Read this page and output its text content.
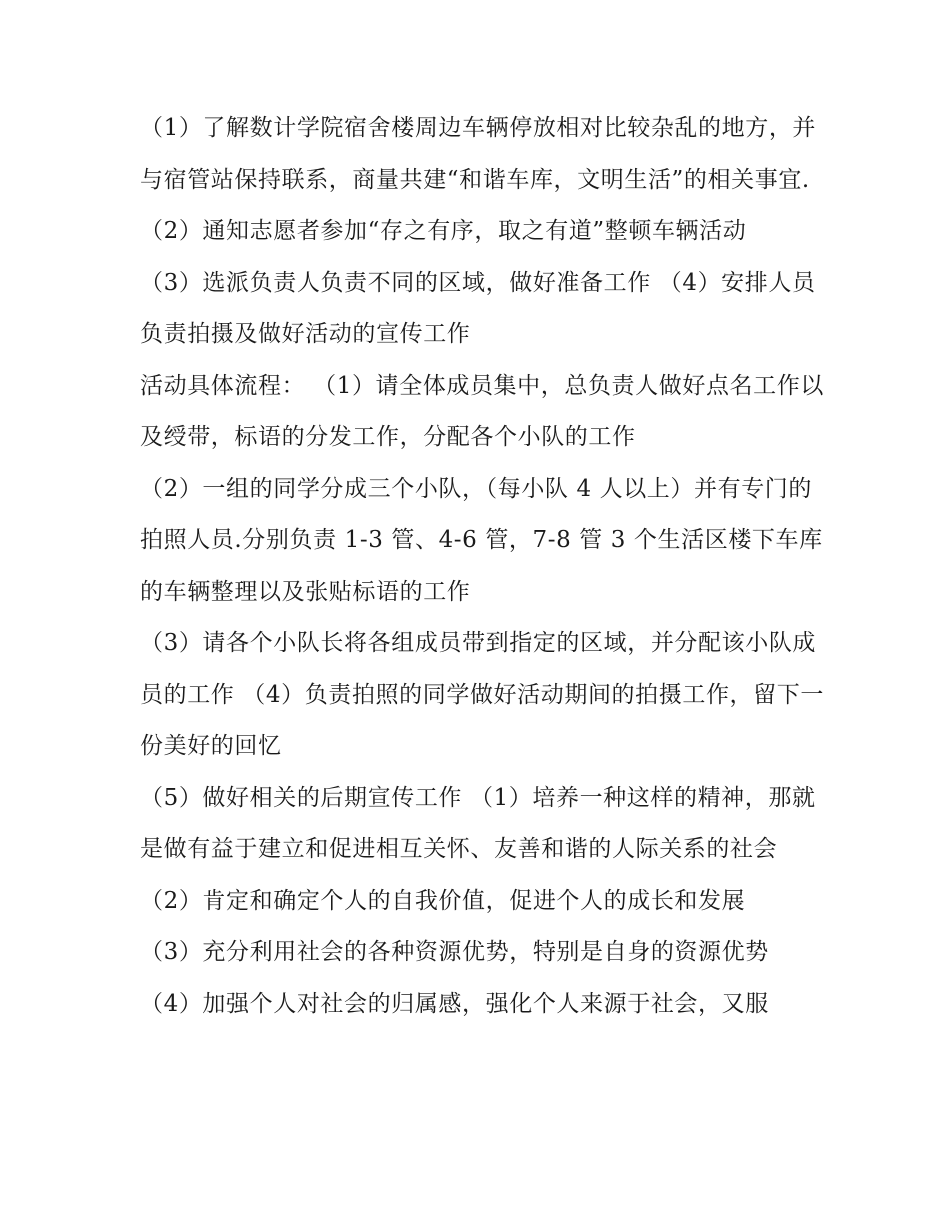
（1）了解数计学院宿舍楼周边车辆停放相对比较杂乱的地方，并与宿管站保持联系，商量共建“和谐车库，文明生活”的相关事宜.

（2）通知志愿者参加“存之有序，取之有道”整顿车辆活动

（3）选派负责人负责不同的区域，做好准备工作 （4）安排人员负责拍摄及做好活动的宣传工作

活动具体流程： （1）请全体成员集中，总负责人做好点名工作以及绶带，标语的分发工作，分配各个小队的工作

（2）一组的同学分成三个小队，（每小队 4 人以上）并有专门的拍照人员.分别负责 1-3 管、4-6 管，7-8 管 3 个生活区楼下车库的车辆整理以及张贴标语的工作

（3）请各个小队长将各组成员带到指定的区域，并分配该小队成员的工作 （4）负责拍照的同学做好活动期间的拍摄工作，留下一份美好的回忆

（5）做好相关的后期宣传工作 （1）培养一种这样的精神，那就是做有益于建立和促进相互关怀、友善和谐的人际关系的社会

（2）肯定和确定个人的自我价值，促进个人的成长和发展

（3）充分利用社会的各种资源优势，特别是自身的资源优势

（4）加强个人对社会的归属感，强化个人来源于社会，又服
